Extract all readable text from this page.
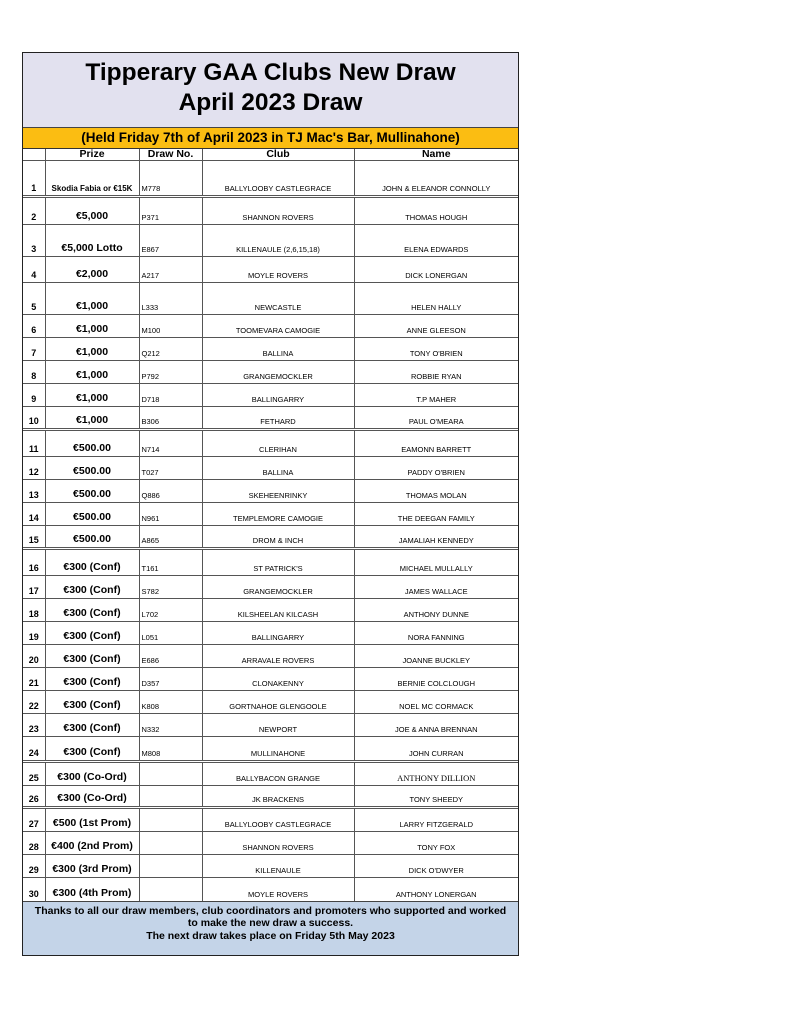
Tipperary GAA Clubs New Draw
April 2023 Draw
(Held Friday 7th of April 2023 in TJ Mac's Bar, Mullinahone)
	Prize	Draw No.	Club	Name
1	Skodia Fabia or €15K	M778	BALLYLOOBY CASTLEGRACE	JOHN & ELEANOR CONNOLLY
2	€5,000	P371	SHANNON ROVERS	THOMAS HOUGH
3	€5,000 Lotto	E867	KILLENAULE (2,6,15,18)	ELENA EDWARDS
4	€2,000	A217	MOYLE ROVERS	DICK LONERGAN
5	€1,000	L333	NEWCASTLE	HELEN HALLY
6	€1,000	M100	TOOMEVARA CAMOGIE	ANNE GLEESON
7	€1,000	Q212	BALLINA	TONY O'BRIEN
8	€1,000	P792	GRANGEMOCKLER	ROBBIE RYAN
9	€1,000	D718	BALLINGARRY	T.P MAHER
10	€1,000	B306	FETHARD	PAUL O'MEARA
11	€500.00	N714	CLERIHAN	EAMONN BARRETT
12	€500.00	T027	BALLINA	PADDY O'BRIEN
13	€500.00	Q886	SKEHEENRINKY	THOMAS MOLAN
14	€500.00	N961	TEMPLEMORE CAMOGIE	THE DEEGAN FAMILY
15	€500.00	A865	DROM & INCH	JAMALIAH KENNEDY
16	€300 (Conf)	T161	ST PATRICK'S	MICHAEL MULLALLY
17	€300 (Conf)	S782	GRANGEMOCKLER	JAMES WALLACE
18	€300 (Conf)	L702	KILSHEELAN KILCASH	ANTHONY DUNNE
19	€300 (Conf)	L051	BALLINGARRY	NORA FANNING
20	€300 (Conf)	E686	ARRAVALE ROVERS	JOANNE BUCKLEY
21	€300 (Conf)	D357	CLONAKENNY	BERNIE COLCLOUGH
22	€300 (Conf)	K808	GORTNAHOE GLENGOOLE	NOEL MC CORMACK
23	€300 (Conf)	N332	NEWPORT	JOE & ANNA BRENNAN
24	€300 (Conf)	M808	MULLINAHONE	JOHN CURRAN
25	€300 (Co-Ord)		BALLYBACON GRANGE	ANTHONY DILLION
26	€300 (Co-Ord)		JK BRACKENS	TONY SHEEDY
27	€500 (1st Prom)		BALLYLOOBY CASTLEGRACE	LARRY FITZGERALD
28	€400 (2nd Prom)		SHANNON ROVERS	TONY FOX
29	€300 (3rd Prom)		KILLENAULE	DICK O'DWYER
30	€300 (4th Prom)		MOYLE ROVERS	ANTHONY LONERGAN
Thanks to all our draw members, club coordinators and promoters who supported and worked
to make the new draw a success.
The next draw takes place on Friday 5th May 2023
